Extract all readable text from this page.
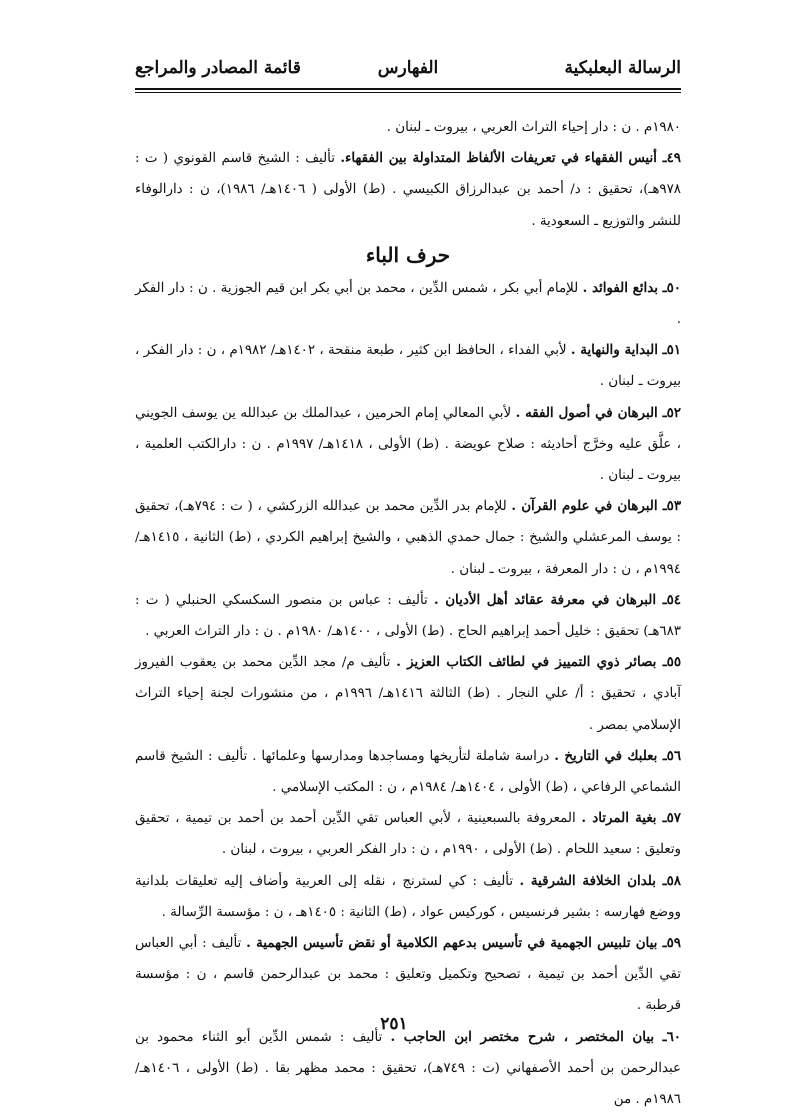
الرسالة البعلبكية
الفهارس
قائمة المصادر والمراجع

١٩٨٠م . ن : دار إحياء التراث العربي ، بيروت ـ لبنان .

٤٩ـ أنيس الفقهاء في تعريفات الألفاظ المتداولة بين الفقهاء. تأليف : الشيخ قاسم القونوي ( ت : ٩٧٨هـ)، تحقيق : د/ أحمد بن عبدالرزاق الكبيسي . (ط) الأولى ( ١٤٠٦هـ/ ١٩٨٦)، ن : دارالوفاء للنشر والتوزيع ـ السعودية .

حرف الباء

٥٠ـ بدائع الفوائد . للإمام أبي بكر ، شمس الدِّين ، محمد بن أبي بكر ابن قيم الجوزية . ن : دار الفكر .

٥١ـ البداية والنهاية . لأبي الفداء ، الحافظ ابن كثير ، طبعة منقحة ، ١٤٠٢هـ/ ١٩٨٢م ، ن : دار الفكر ، بيروت ـ لبنان .

٥٢ـ البرهان في أصول الفقه . لأبي المعالي إمام الحرمين ، عبدالملك بن عبدالله ين يوسف الجويني ، علَّق عليه وخرَّج أحاديثه : صلاح عويضة . (ط) الأولى ، ١٤١٨هـ/ ١٩٩٧م . ن : دارالكتب العلمية ، بيروت ـ لبنان .

٥٣ـ البرهان في علوم القرآن . للإمام بدر الدِّين محمد بن عبدالله الزركشي ، ( ت : ٧٩٤هـ)، تحقيق : يوسف المرعشلي والشيخ : جمال حمدي الذهبي ، والشيخ إبراهيم الكردي ، (ط) الثانية ، ١٤١٥هـ/ ١٩٩٤م ، ن : دار المعرفة ، بيروت ـ لبنان .

٥٤ـ البرهان في معرفة عقائد أهل الأديان . تأليف : عباس بن منصور السكسكي الحنبلي ( ت : ٦٨٣هـ) تحقيق : خليل أحمد إبراهيم الحاج . (ط) الأولى ، ١٤٠٠هـ/ ١٩٨٠م . ن : دار التراث العربي .

٥٥ـ بصائر ذوي التمييز في لطائف الكتاب العزيز . تأليف م/ مجد الدِّين محمد بن يعقوب الفيروز آبادي ، تحقيق : أ/ علي النجار . (ط) الثالثة ١٤١٦هـ/ ١٩٩٦م ، من منشورات لجنة إحياء التراث الإسلامي بمصر .

٥٦ـ بعلبك في التاريخ . دراسة شاملة لتأريخها ومساجدها ومدارسها وعلمائها . تأليف : الشيخ قاسم الشماعي الرفاعي ، (ط) الأولى ، ١٤٠٤هـ/ ١٩٨٤م ، ن : المكتب الإسلامي .

٥٧ـ بغية المرتاد . المعروفة بالسبعينية ، لأبي العباس تقي الدِّين أحمد بن أحمد بن تيمية ، تحقيق وتعليق : سعيد اللحام . (ط) الأولى ، ١٩٩٠م ، ن : دار الفكر العربي ، بيروت ، لبنان .

٥٨ـ بلدان الخلافة الشرقية . تأليف : كي لسترنج ، نقله إلى العربية وأضاف إليه تعليقات بلدانية ووضع فهارسه : بشير فرنسيس ، كوركيس عواد ، (ط) الثانية : ١٤٠٥هـ ، ن : مؤسسة الرِّسالة .

٥٩ـ بيان تلبيس الجهمية في تأسيس بدعهم الكلامية أو نقض تأسيس الجهمية . تأليف : أبي العباس تقي الدِّين أحمد بن تيمية ، تصحيح وتكميل وتعليق : محمد بن عبدالرحمن قاسم ، ن : مؤسسة قرطبة .

٦٠ـ بيان المختصر ، شرح مختصر ابن الحاجب . تأليف : شمس الدِّين أبو الثناء محمود بن عبدالرحمن بن أحمد الأصفهاني (ت : ٧٤٩هـ)، تحقيق : محمد مظهر بقا . (ط) الأولى ، ١٤٠٦هـ/ ١٩٨٦م . من

٢٥١
